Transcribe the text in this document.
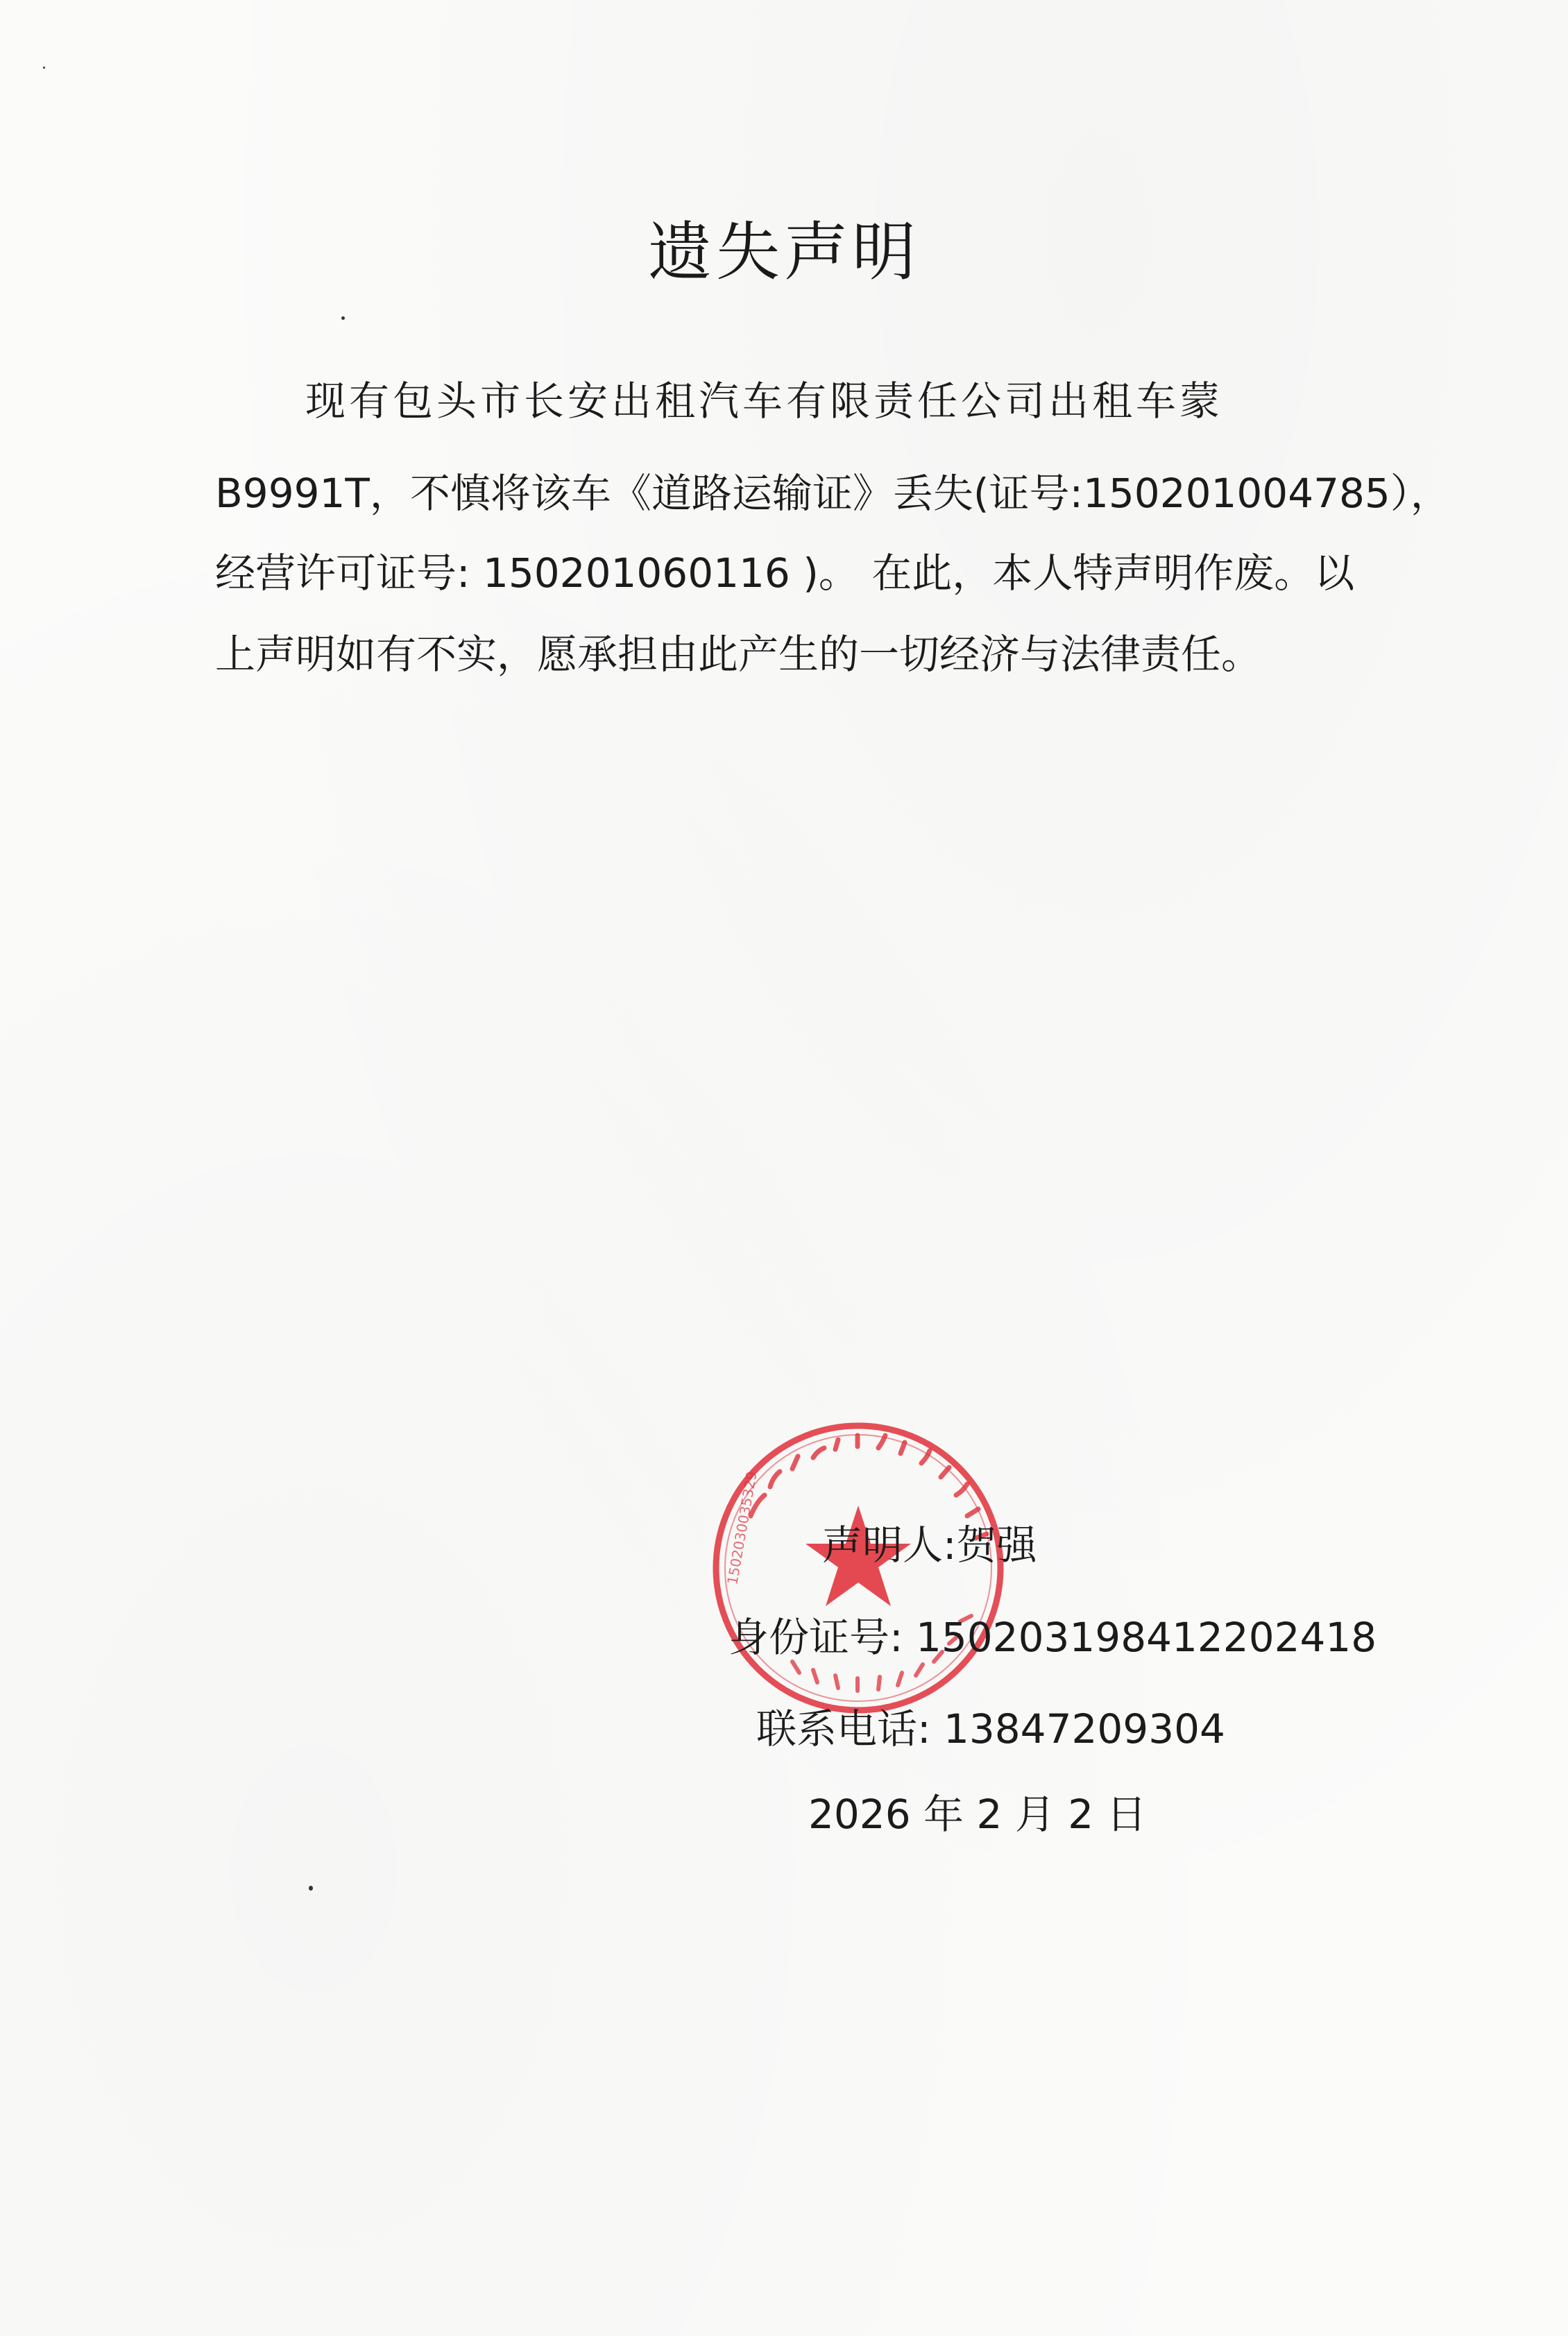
遗失声明
现有包头市长安出租汽车有限责任公司出租车蒙
B9991T，不慎将该车《道路运输证》丢失(证号:150201004785），
经营许可证号: 150201060116 )。 在此，本人特声明作废。以
上声明如有不实，愿承担由此产生的一切经济与法律责任。
1502030035329 声明人:贺强
身份证号: 150203198412202418
联系电话: 13847209304
2026 年 2 月 2 日
